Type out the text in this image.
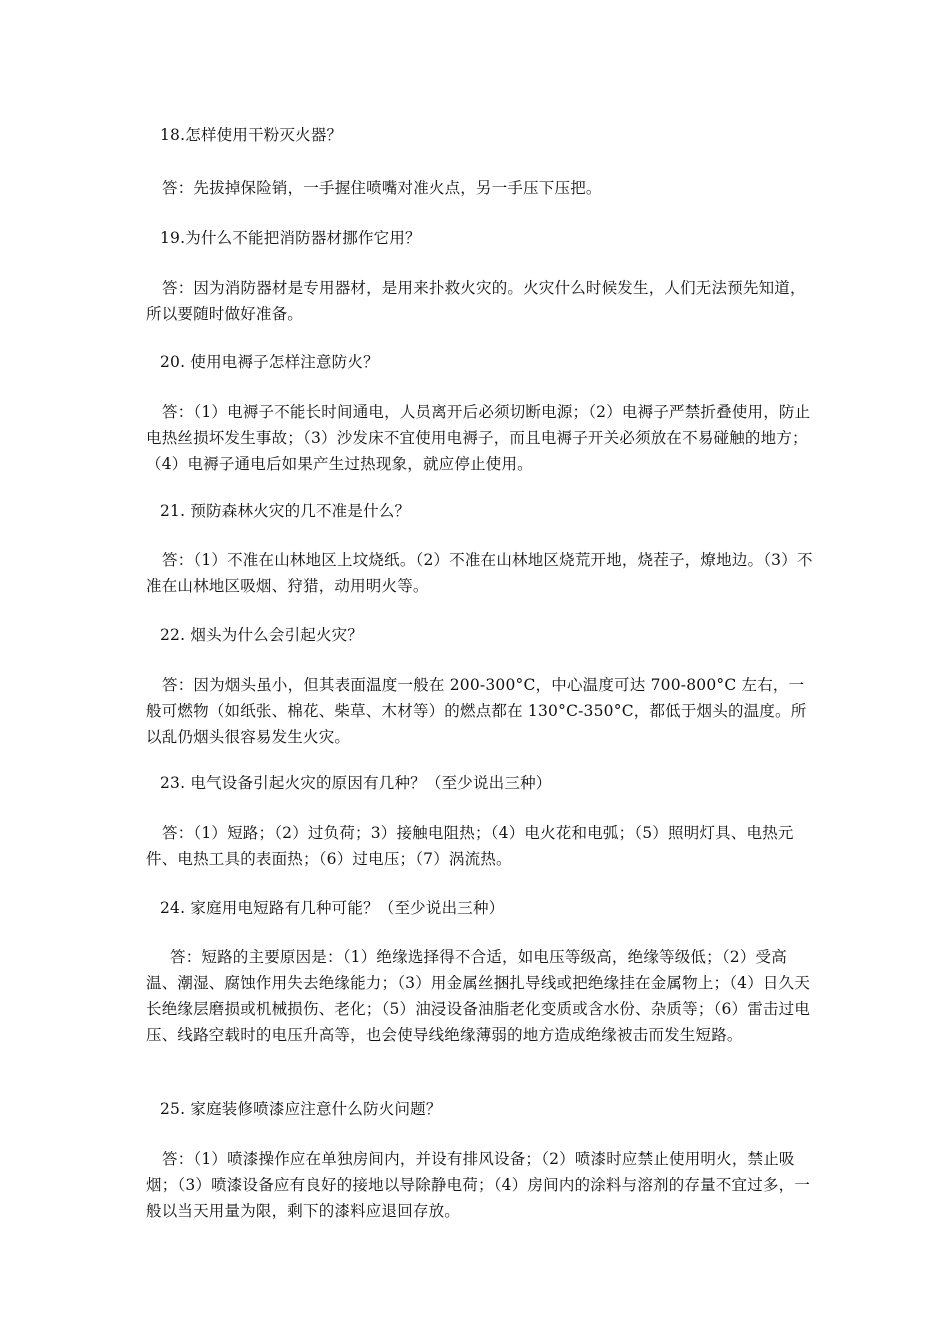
18.怎样使用干粉灭火器？

答：先拔掉保险销，一手握住喷嘴对准火点，另一手压下压把。

19.为什么不能把消防器材挪作它用？

答：因为消防器材是专用器材，是用来扑救火灾的。火灾什么时候发生，人们无法预先知道，所以要随时做好准备。

20. 使用电褥子怎样注意防火？

答：（1）电褥子不能长时间通电，人员离开后必须切断电源；（2）电褥子严禁折叠使用，防止电热丝损坏发生事故；（3）沙发床不宜使用电褥子，而且电褥子开关必须放在不易碰触的地方；（4）电褥子通电后如果产生过热现象，就应停止使用。

21. 预防森林火灾的几不准是什么？

答：（1）不准在山林地区上坟烧纸。（2）不准在山林地区烧荒开地，烧茬子，燎地边。（3）不准在山林地区吸烟、狩猎，动用明火等。

22. 烟头为什么会引起火灾？

答：因为烟头虽小，但其表面温度一般在 200-300°C，中心温度可达 700-800°C 左右，一般可燃物（如纸张、棉花、柴草、木材等）的燃点都在 130°C-350°C，都低于烟头的温度。所以乱仍烟头很容易发生火灾。

23. 电气设备引起火灾的原因有几种？（至少说出三种）

答：（1）短路；（2）过负荷；3）接触电阻热；（4）电火花和电弧；（5）照明灯具、电热元件、电热工具的表面热；（6）过电压；（7）涡流热。

24. 家庭用电短路有几种可能？（至少说出三种）

答：短路的主要原因是：（1）绝缘选择得不合适，如电压等级高，绝缘等级低；（2）受高温、潮湿、腐蚀作用失去绝缘能力；（3）用金属丝捆扎导线或把绝缘挂在金属物上；（4）日久天长绝缘层磨损或机械损伤、老化；（5）油浸设备油脂老化变质或含水份、杂质等；（6）雷击过电压、线路空载时的电压升高等，也会使导线绝缘薄弱的地方造成绝缘被击而发生短路。

25. 家庭装修喷漆应注意什么防火问题？

答：（1）喷漆操作应在单独房间内，并设有排风设备；（2）喷漆时应禁止使用明火，禁止吸烟；（3）喷漆设备应有良好的接地以导除静电荷；（4）房间内的涂料与溶剂的存量不宜过多，一般以当天用量为限，剩下的漆料应退回存放。
